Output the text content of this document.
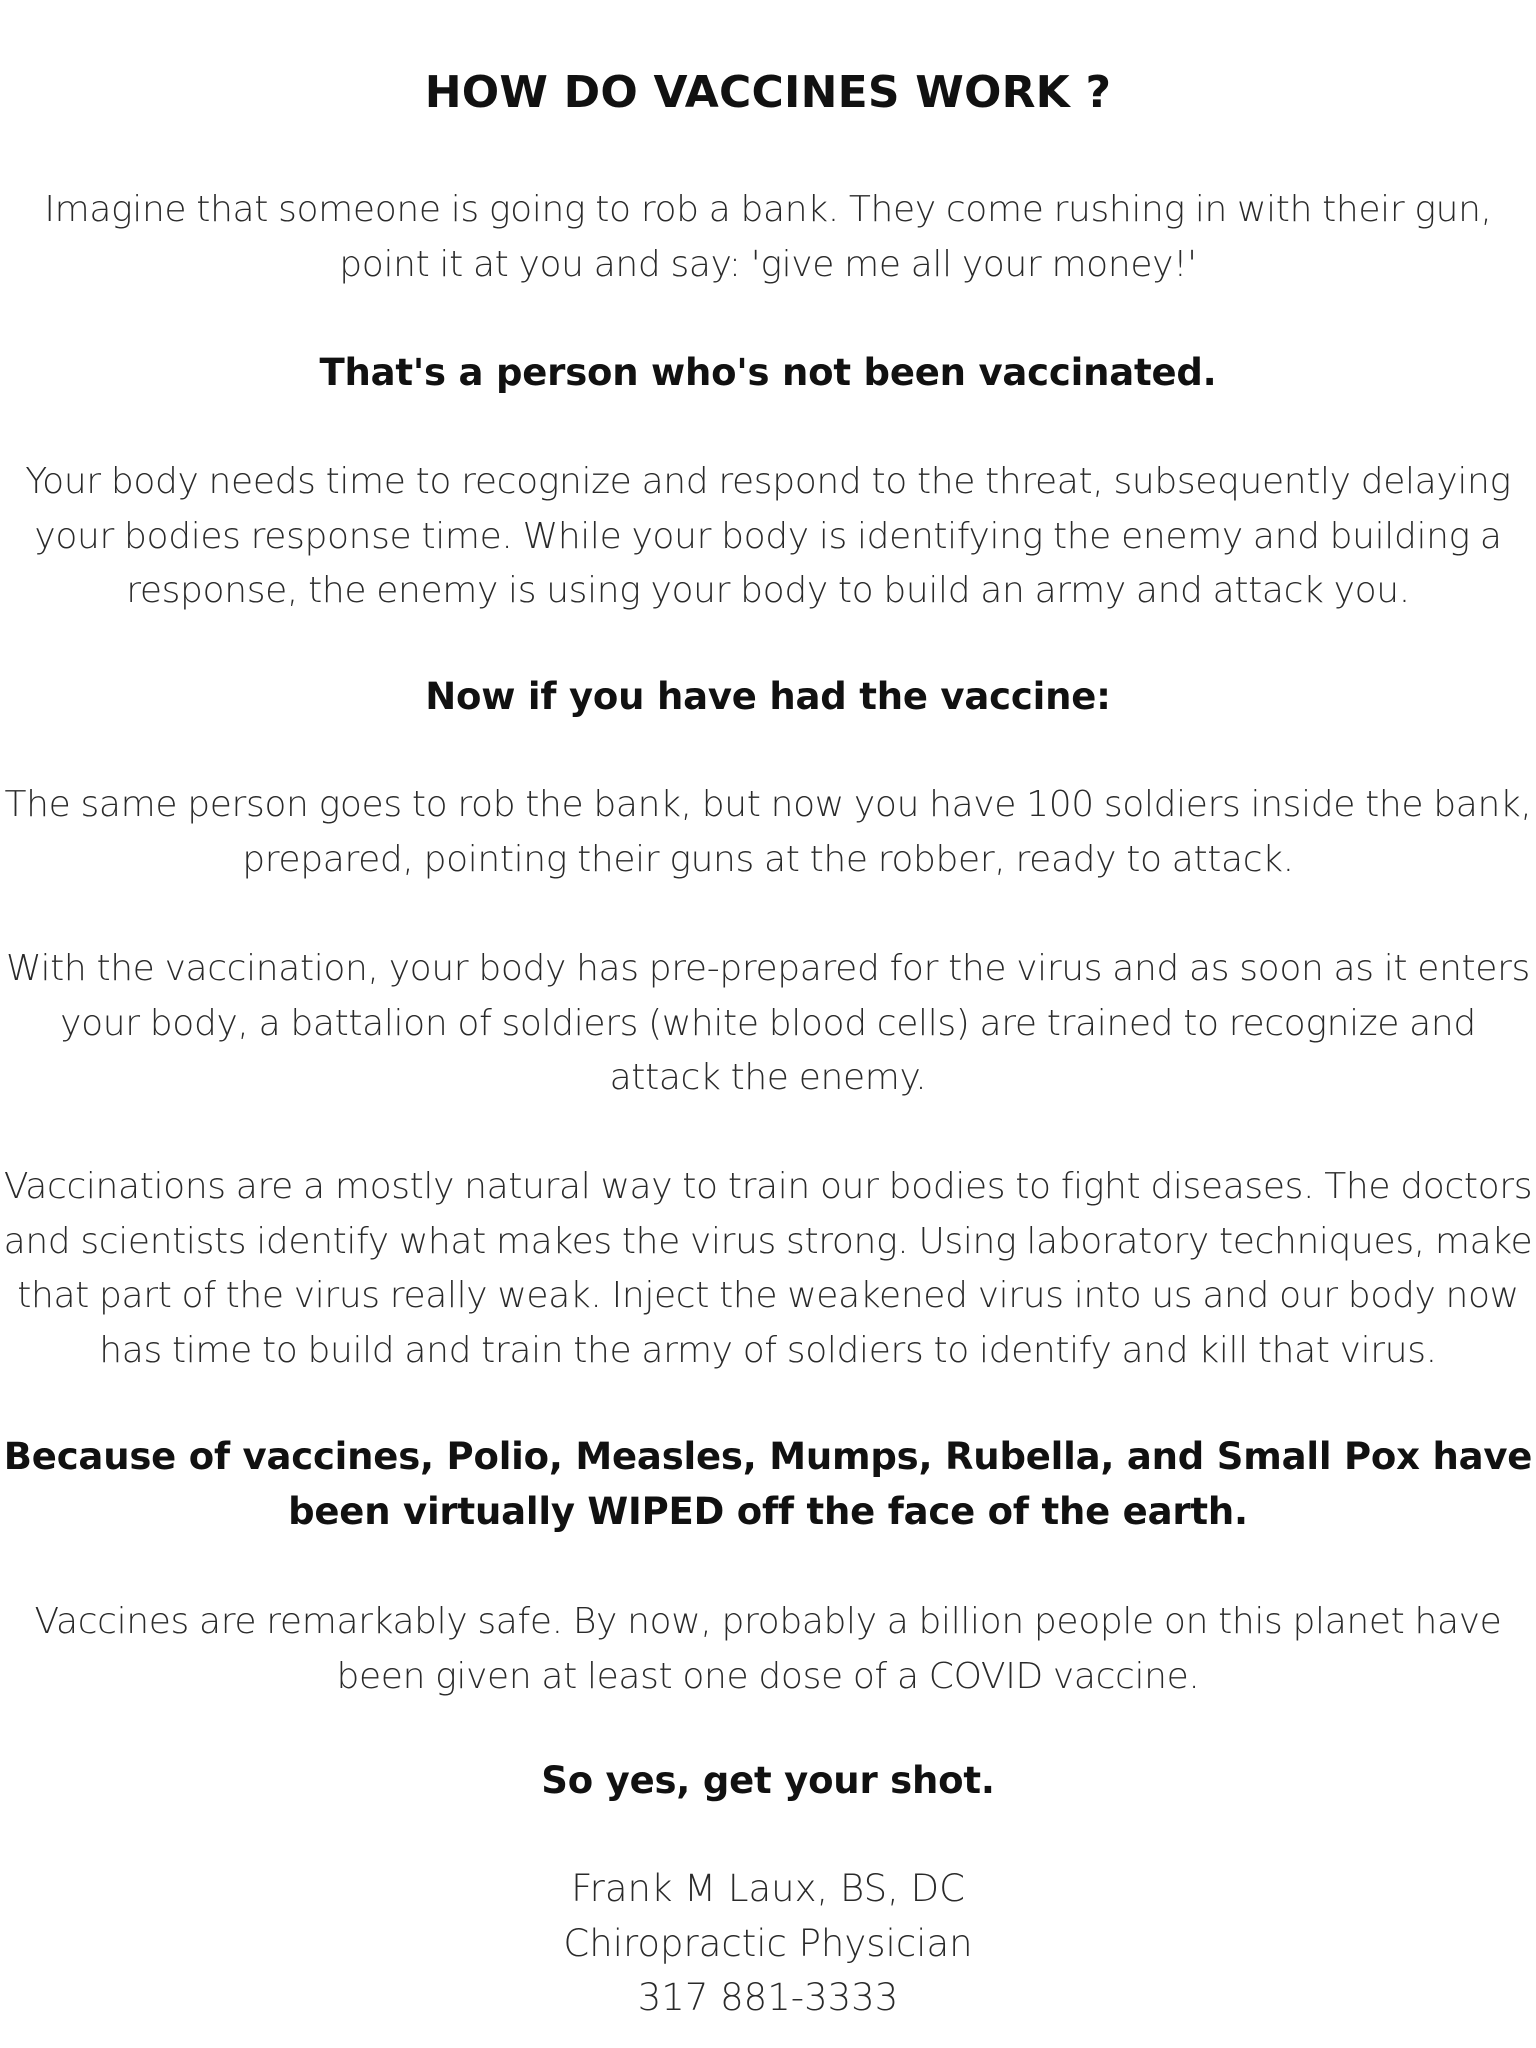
HOW DO VACCINES WORK ?

Imagine that someone is going to rob a bank. They come rushing in with their gun, point it at you and say: 'give me all your money!'

That's a person who's not been vaccinated.

Your body needs time to recognize and respond to the threat, subsequently delaying your bodies response time. While your body is identifying the enemy and building a response, the enemy is using your body to build an army and attack you.

Now if you have had the vaccine:

The same person goes to rob the bank, but now you have 100 soldiers inside the bank, prepared, pointing their guns at the robber, ready to attack.

With the vaccination, your body has pre-prepared for the virus and as soon as it enters your body, a battalion of soldiers (white blood cells) are trained to recognize and attack the enemy.

Vaccinations are a mostly natural way to train our bodies to fight diseases. The doctors and scientists identify what makes the virus strong. Using laboratory techniques, make that part of the virus really weak. Inject the weakened virus into us and our body now has time to build and train the army of soldiers to identify and kill that virus.

Because of vaccines, Polio, Measles, Mumps, Rubella, and Small Pox have been virtually WIPED off the face of the earth.

Vaccines are remarkably safe. By now, probably a billion people on this planet have been given at least one dose of a COVID vaccine.

So yes, get your shot.

Frank M Laux, BS, DC
Chiropractic Physician
317 881-3333
